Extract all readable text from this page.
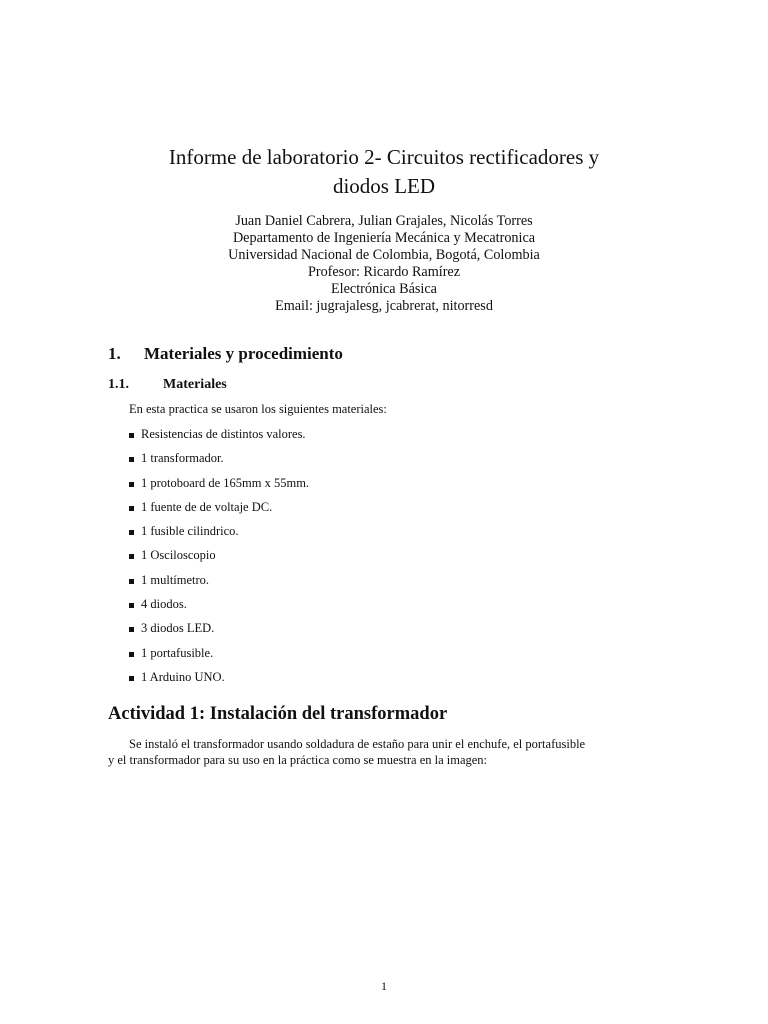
Informe de laboratorio 2- Circuitos rectificadores y
diodos LED
Juan Daniel Cabrera, Julian Grajales, Nicolás Torres
Departamento de Ingeniería Mecánica y Mecatronica
Universidad Nacional de Colombia, Bogotá, Colombia
Profesor: Ricardo Ramírez
Electrónica Básica
Email: jugrajalesg, jcabrerat, nitorresd
1. Materiales y procedimiento
1.1. Materiales
En esta practica se usaron los siguientes materiales:
Resistencias de distintos valores.
1 transformador.
1 protoboard de 165mm x 55mm.
1 fuente de de voltaje DC.
1 fusible cilindrico.
1 Osciloscopio
1 multímetro.
4 diodos.
3 diodos LED.
1 portafusible.
1 Arduino UNO.
Actividad 1: Instalación del transformador
Se instaló el transformador usando soldadura de estaño para unir el enchufe, el portafusible
y el transformador para su uso en la práctica como se muestra en la imagen:
1
